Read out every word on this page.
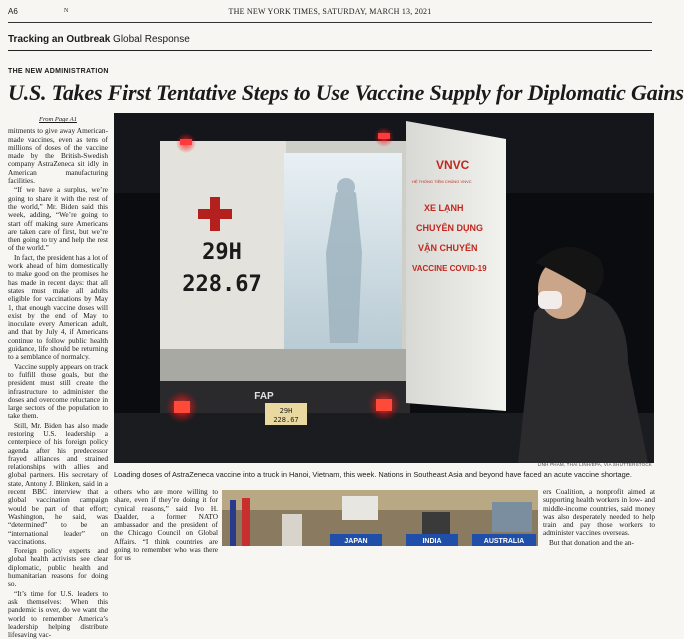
A6	N	THE NEW YORK TIMES, SATURDAY, MARCH 13, 2021
Tracking an Outbreak Global Response
THE NEW ADMINISTRATION
U.S. Takes First Tentative Steps to Use Vaccine Supply for Diplomatic Gains
From Page A1

mitments to give away American-made vaccines, even as tens of millions of doses of the vaccine made by the British-Swedish company AstraZeneca sit idly in American manufacturing facilities.

“If we have a surplus, we’re going to share it with the rest of the world,” Mr. Biden said this week, adding, “We’re going to start off making sure Americans are taken care of first, but we’re then going to try and help the rest of the world.”

In fact, the president has a lot of work ahead of him domestically to make good on the promises he has made in recent days: that all states must make all adults eligible for vaccinations by May 1, that enough vaccine doses will exist by the end of May to inoculate every American adult, and that by July 4, if Americans continue to follow public health guidance, life should be returning to a semblance of normalcy.

Vaccine supply appears on track to fulfill those goals, but the president must still create the infrastructure to administer the doses and overcome reluctance in large sectors of the population to take them.

Still, Mr. Biden has also made restoring U.S. leadership a centerpiece of his foreign policy agenda after his predecessor frayed alliances and strained relationships with allies and global partners. His secretary of state, Antony J. Blinken, said in a recent BBC interview that a global vaccination campaign would be part of that effort; Washington, he said, was “determined” to be an “international leader” on vaccinations.

Foreign policy experts and global health activists see clear diplomatic, public health and humanitarian reasons for doing so.

“It’s time for U.S. leaders to ask themselves: When this pandemic is over, do we want the world to remember America’s leadership helping distribute lifesaving vac-

29H
228.67
FAP
29H
228.67
VNVC
HỆ THỐNG TIÊM CHỦNG VNVC
XE LẠNH
CHUYÊN DỤNG
VẬN CHUYỂN
VACCINE COVID-19
LINH PHAM, THAI LINH/EPA, VIA SHUTTERSTOCK
Loading doses of AstraZeneca vaccine into a truck in Hanoi, Vietnam, this week. Nations in Southeast Asia and beyond have faced an acute vaccine shortage.

others who are more willing to share, even if they’re doing it for cynical reasons,” said Ivo H. Daalder, a former NATO ambassador and the president of the Chicago Council on Global Affairs. “I think countries are going to remember who was there for us

JAPAN	INDIA	AUSTRALIA

ers Coalition, a nonprofit aimed at supporting health workers in low- and middle-income countries, said money was also desperately needed to help train and pay those workers to administer vaccines overseas.

But that donation and the an-
